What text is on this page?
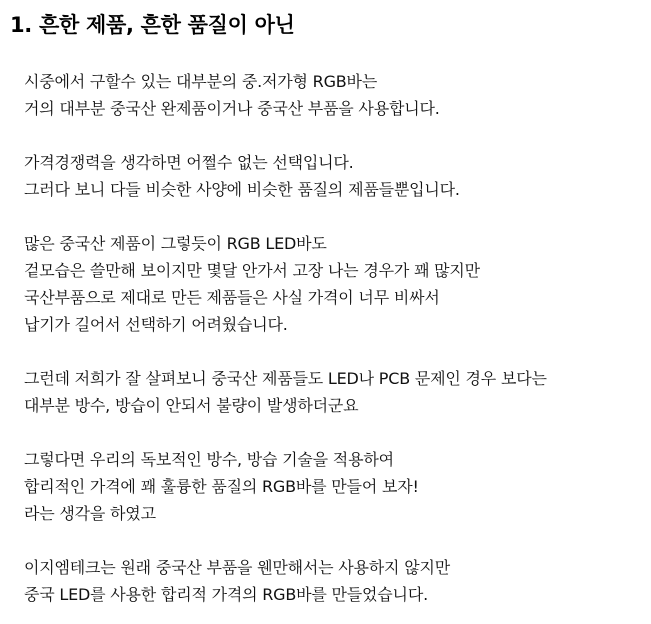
1. 흔한 제품, 흔한 품질이 아닌
시중에서 구할수 있는 대부분의 중.저가형 RGB바는
거의 대부분 중국산 완제품이거나 중국산 부품을 사용합니다.
가격경쟁력을 생각하면 어쩔수 없는 선택입니다.
그러다 보니 다들 비슷한 사양에 비슷한 품질의 제품들뿐입니다.
많은 중국산 제품이 그렇듯이 RGB LED바도
겉모습은 쓸만해 보이지만 몇달 안가서 고장 나는 경우가 꽤 많지만
국산부품으로 제대로 만든 제품들은 사실 가격이 너무 비싸서
납기가 길어서 선택하기 어려웠습니다.
그런데 저희가 잘 살펴보니 중국산 제품들도 LED나 PCB 문제인 경우 보다는
대부분 방수, 방습이 안되서 불량이 발생하더군요
그렇다면 우리의 독보적인 방수, 방습 기술을 적용하여
합리적인 가격에 꽤 훌륭한 품질의 RGB바를 만들어 보자!
라는 생각을 하였고
이지엠테크는 원래 중국산 부품을 웬만해서는 사용하지 않지만
중국 LED를 사용한 합리적 가격의 RGB바를 만들었습니다.
